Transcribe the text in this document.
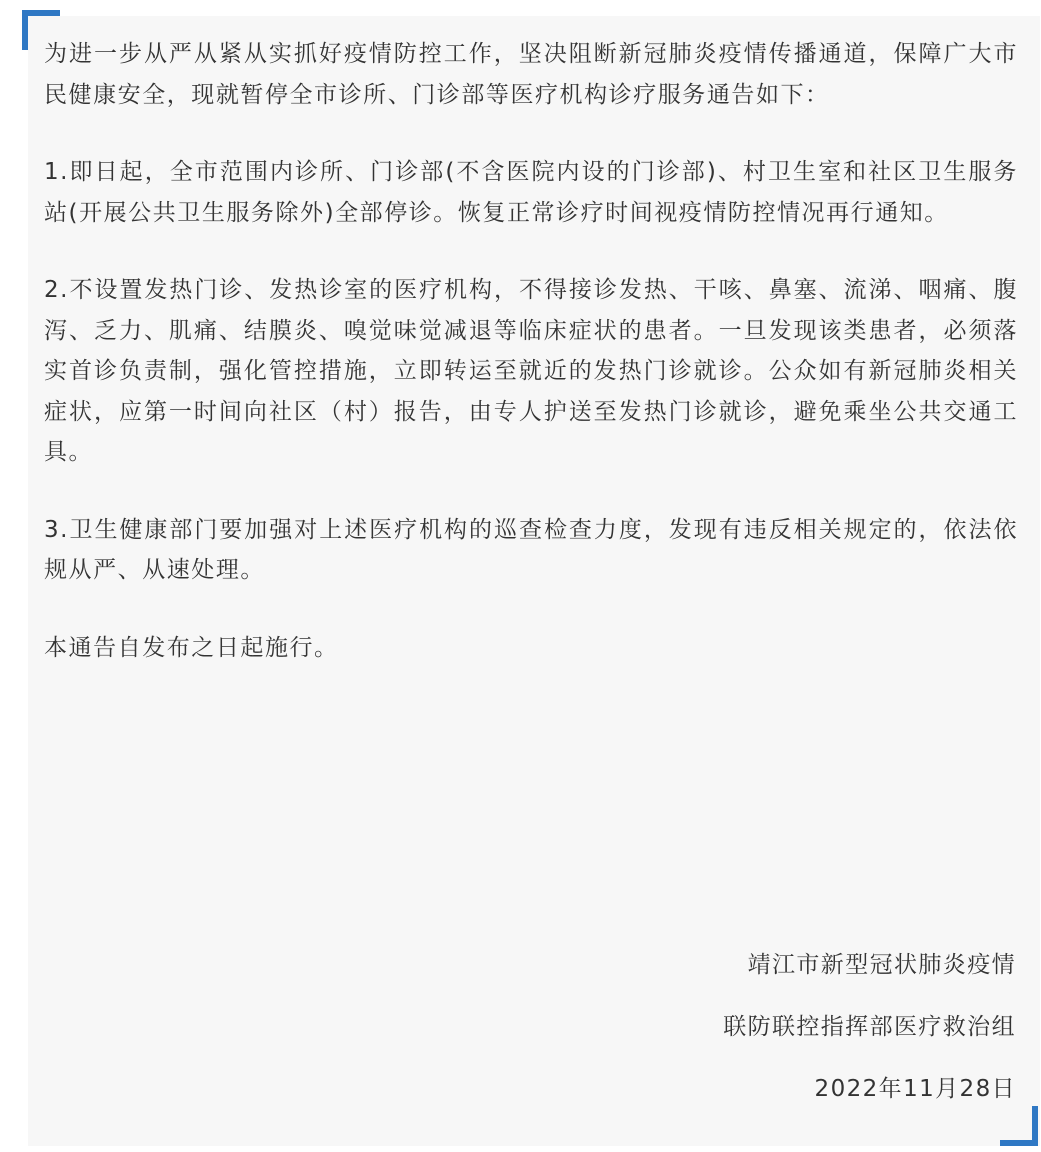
为进一步从严从紧从实抓好疫情防控工作，坚决阻断新冠肺炎疫情传播通道，保障广大市民健康安全，现就暂停全市诊所、门诊部等医疗机构诊疗服务通告如下：

1.即日起，全市范围内诊所、门诊部(不含医院内设的门诊部)、村卫生室和社区卫生服务站(开展公共卫生服务除外)全部停诊。恢复正常诊疗时间视疫情防控情况再行通知。

2.不设置发热门诊、发热诊室的医疗机构，不得接诊发热、干咳、鼻塞、流涕、咽痛、腹泻、乏力、肌痛、结膜炎、嗅觉味觉减退等临床症状的患者。一旦发现该类患者，必须落实首诊负责制，强化管控措施，立即转运至就近的发热门诊就诊。公众如有新冠肺炎相关症状，应第一时间向社区（村）报告，由专人护送至发热门诊就诊，避免乘坐公共交通工具。

3.卫生健康部门要加强对上述医疗机构的巡查检查力度，发现有违反相关规定的，依法依规从严、从速处理。

本通告自发布之日起施行。

靖江市新型冠状肺炎疫情
联防联控指挥部医疗救治组
2022年11月28日
